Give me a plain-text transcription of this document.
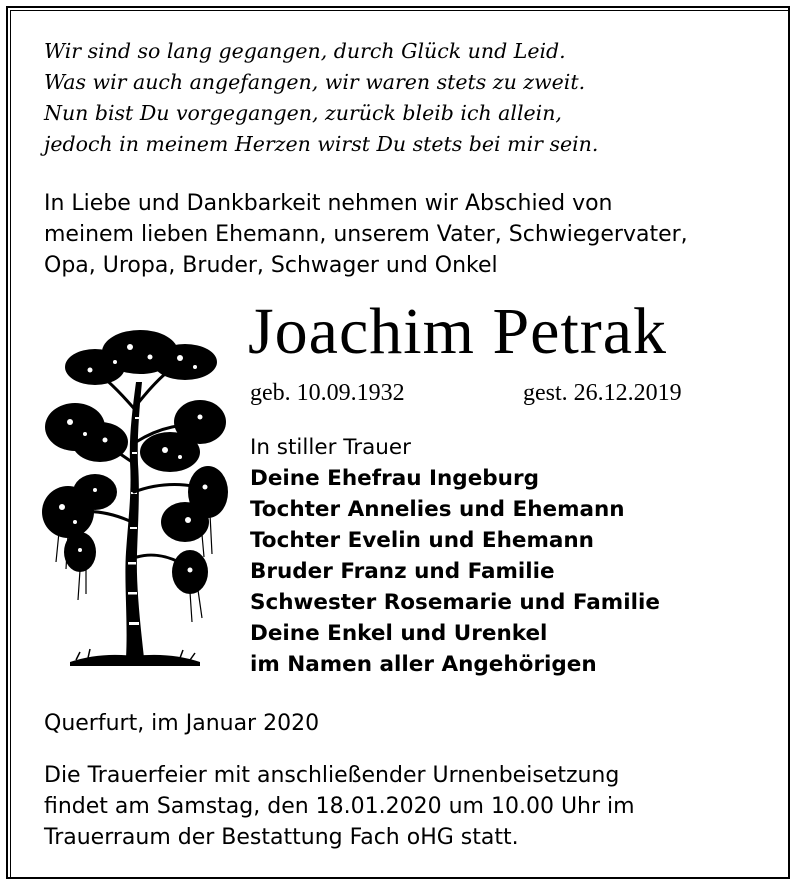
Wir sind so lang gegangen, durch Glück und Leid.
Was wir auch angefangen, wir waren stets zu zweit.
Nun bist Du vorgegangen, zurück bleib ich allein,
jedoch in meinem Herzen wirst Du stets bei mir sein.
In Liebe und Dankbarkeit nehmen wir Abschied von
meinem lieben Ehemann, unserem Vater, Schwiegervater,
Opa, Uropa, Bruder, Schwager und Onkel
Joachim Petrak
geb. 10.09.1932	gest. 26.12.2019
In stiller Trauer
Deine Ehefrau Ingeburg
Tochter Annelies und Ehemann
Tochter Evelin und Ehemann
Bruder Franz und Familie
Schwester Rosemarie und Familie
Deine Enkel und Urenkel
im Namen aller Angehörigen
Querfurt, im Januar 2020
Die Trauerfeier mit anschließender Urnenbeisetzung
findet am Samstag, den 18.01.2020 um 10.00 Uhr im
Trauerraum der Bestattung Fach oHG statt.
